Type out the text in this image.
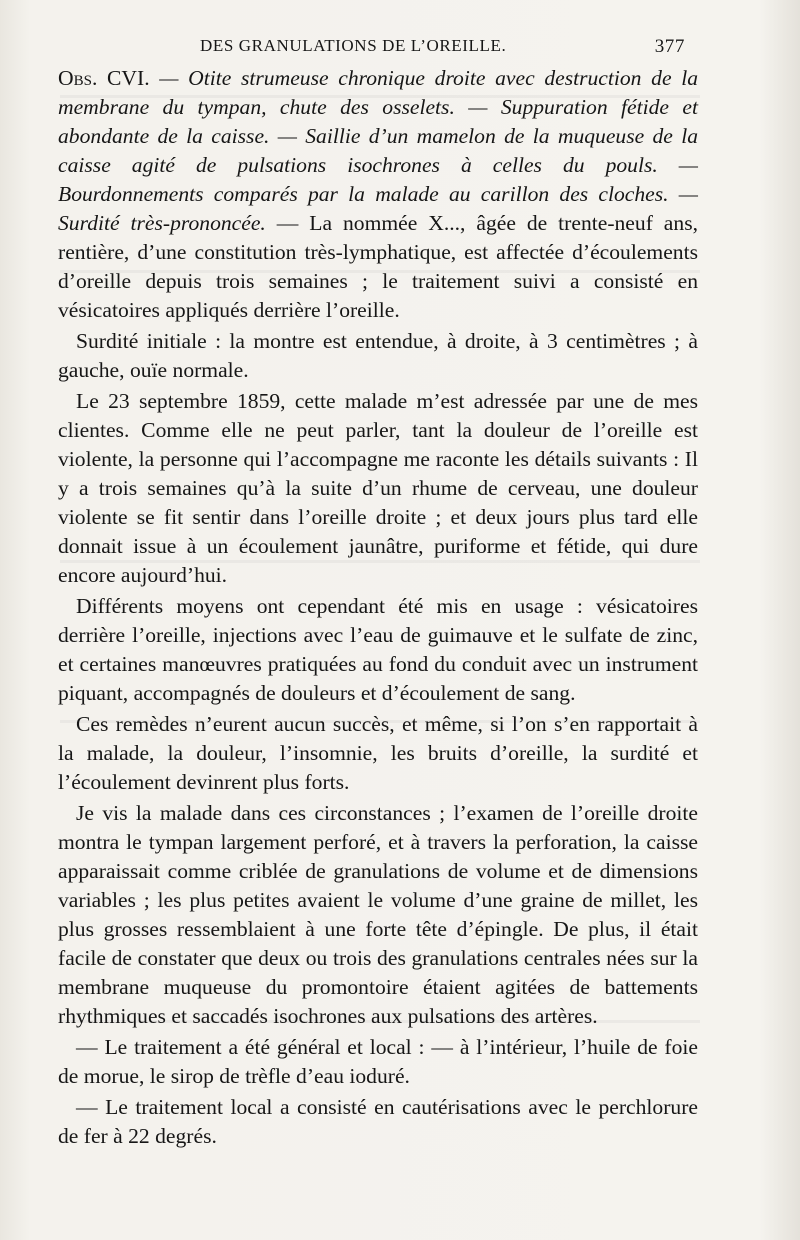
DES GRANULATIONS DE L’OREILLE.	377

Obs. CVI. — Otite strumeuse chronique droite avec destruction de la membrane du tympan, chute des osselets. — Suppuration fétide et abondante de la caisse. — Saillie d’un mamelon de la muqueuse de la caisse agité de pulsations isochrones à celles du pouls. — Bourdonnements comparés par la malade au carillon des cloches. — Surdité très-prononcée. — La nommée X..., âgée de trente-neuf ans, rentière, d’une constitution très-lymphatique, est affectée d’écoulements d’oreille depuis trois semaines ; le traitement suivi a consisté en vésicatoires appliqués derrière l’oreille.

Surdité initiale : la montre est entendue, à droite, à 3 centimètres ; à gauche, ouïe normale.

Le 23 septembre 1859, cette malade m’est adressée par une de mes clientes. Comme elle ne peut parler, tant la douleur de l’oreille est violente, la personne qui l’accompagne me raconte les détails suivants : Il y a trois semaines qu’à la suite d’un rhume de cerveau, une douleur violente se fit sentir dans l’oreille droite ; et deux jours plus tard elle donnait issue à un écoulement jaunâtre, puriforme et fétide, qui dure encore aujourd’hui.

Différents moyens ont cependant été mis en usage : vésicatoires derrière l’oreille, injections avec l’eau de guimauve et le sulfate de zinc, et certaines manœuvres pratiquées au fond du conduit avec un instrument piquant, accompagnés de douleurs et d’écoulement de sang.

Ces remèdes n’eurent aucun succès, et même, si l’on s’en rapportait à la malade, la douleur, l’insomnie, les bruits d’oreille, la surdité et l’écoulement devinrent plus forts.

Je vis la malade dans ces circonstances ; l’examen de l’oreille droite montra le tympan largement perforé, et à travers la perforation, la caisse apparaissait comme criblée de granulations de volume et de dimensions variables ; les plus petites avaient le volume d’une graine de millet, les plus grosses ressemblaient à une forte tête d’épingle. De plus, il était facile de constater que deux ou trois des granulations centrales nées sur la membrane muqueuse du promontoire étaient agitées de battements rhythmiques et saccadés isochrones aux pulsations des artères.

— Le traitement a été général et local : — à l’intérieur, l’huile de foie de morue, le sirop de trèfle d’eau ioduré.

— Le traitement local a consisté en cautérisations avec le perchlorure de fer à 22 degrés.
